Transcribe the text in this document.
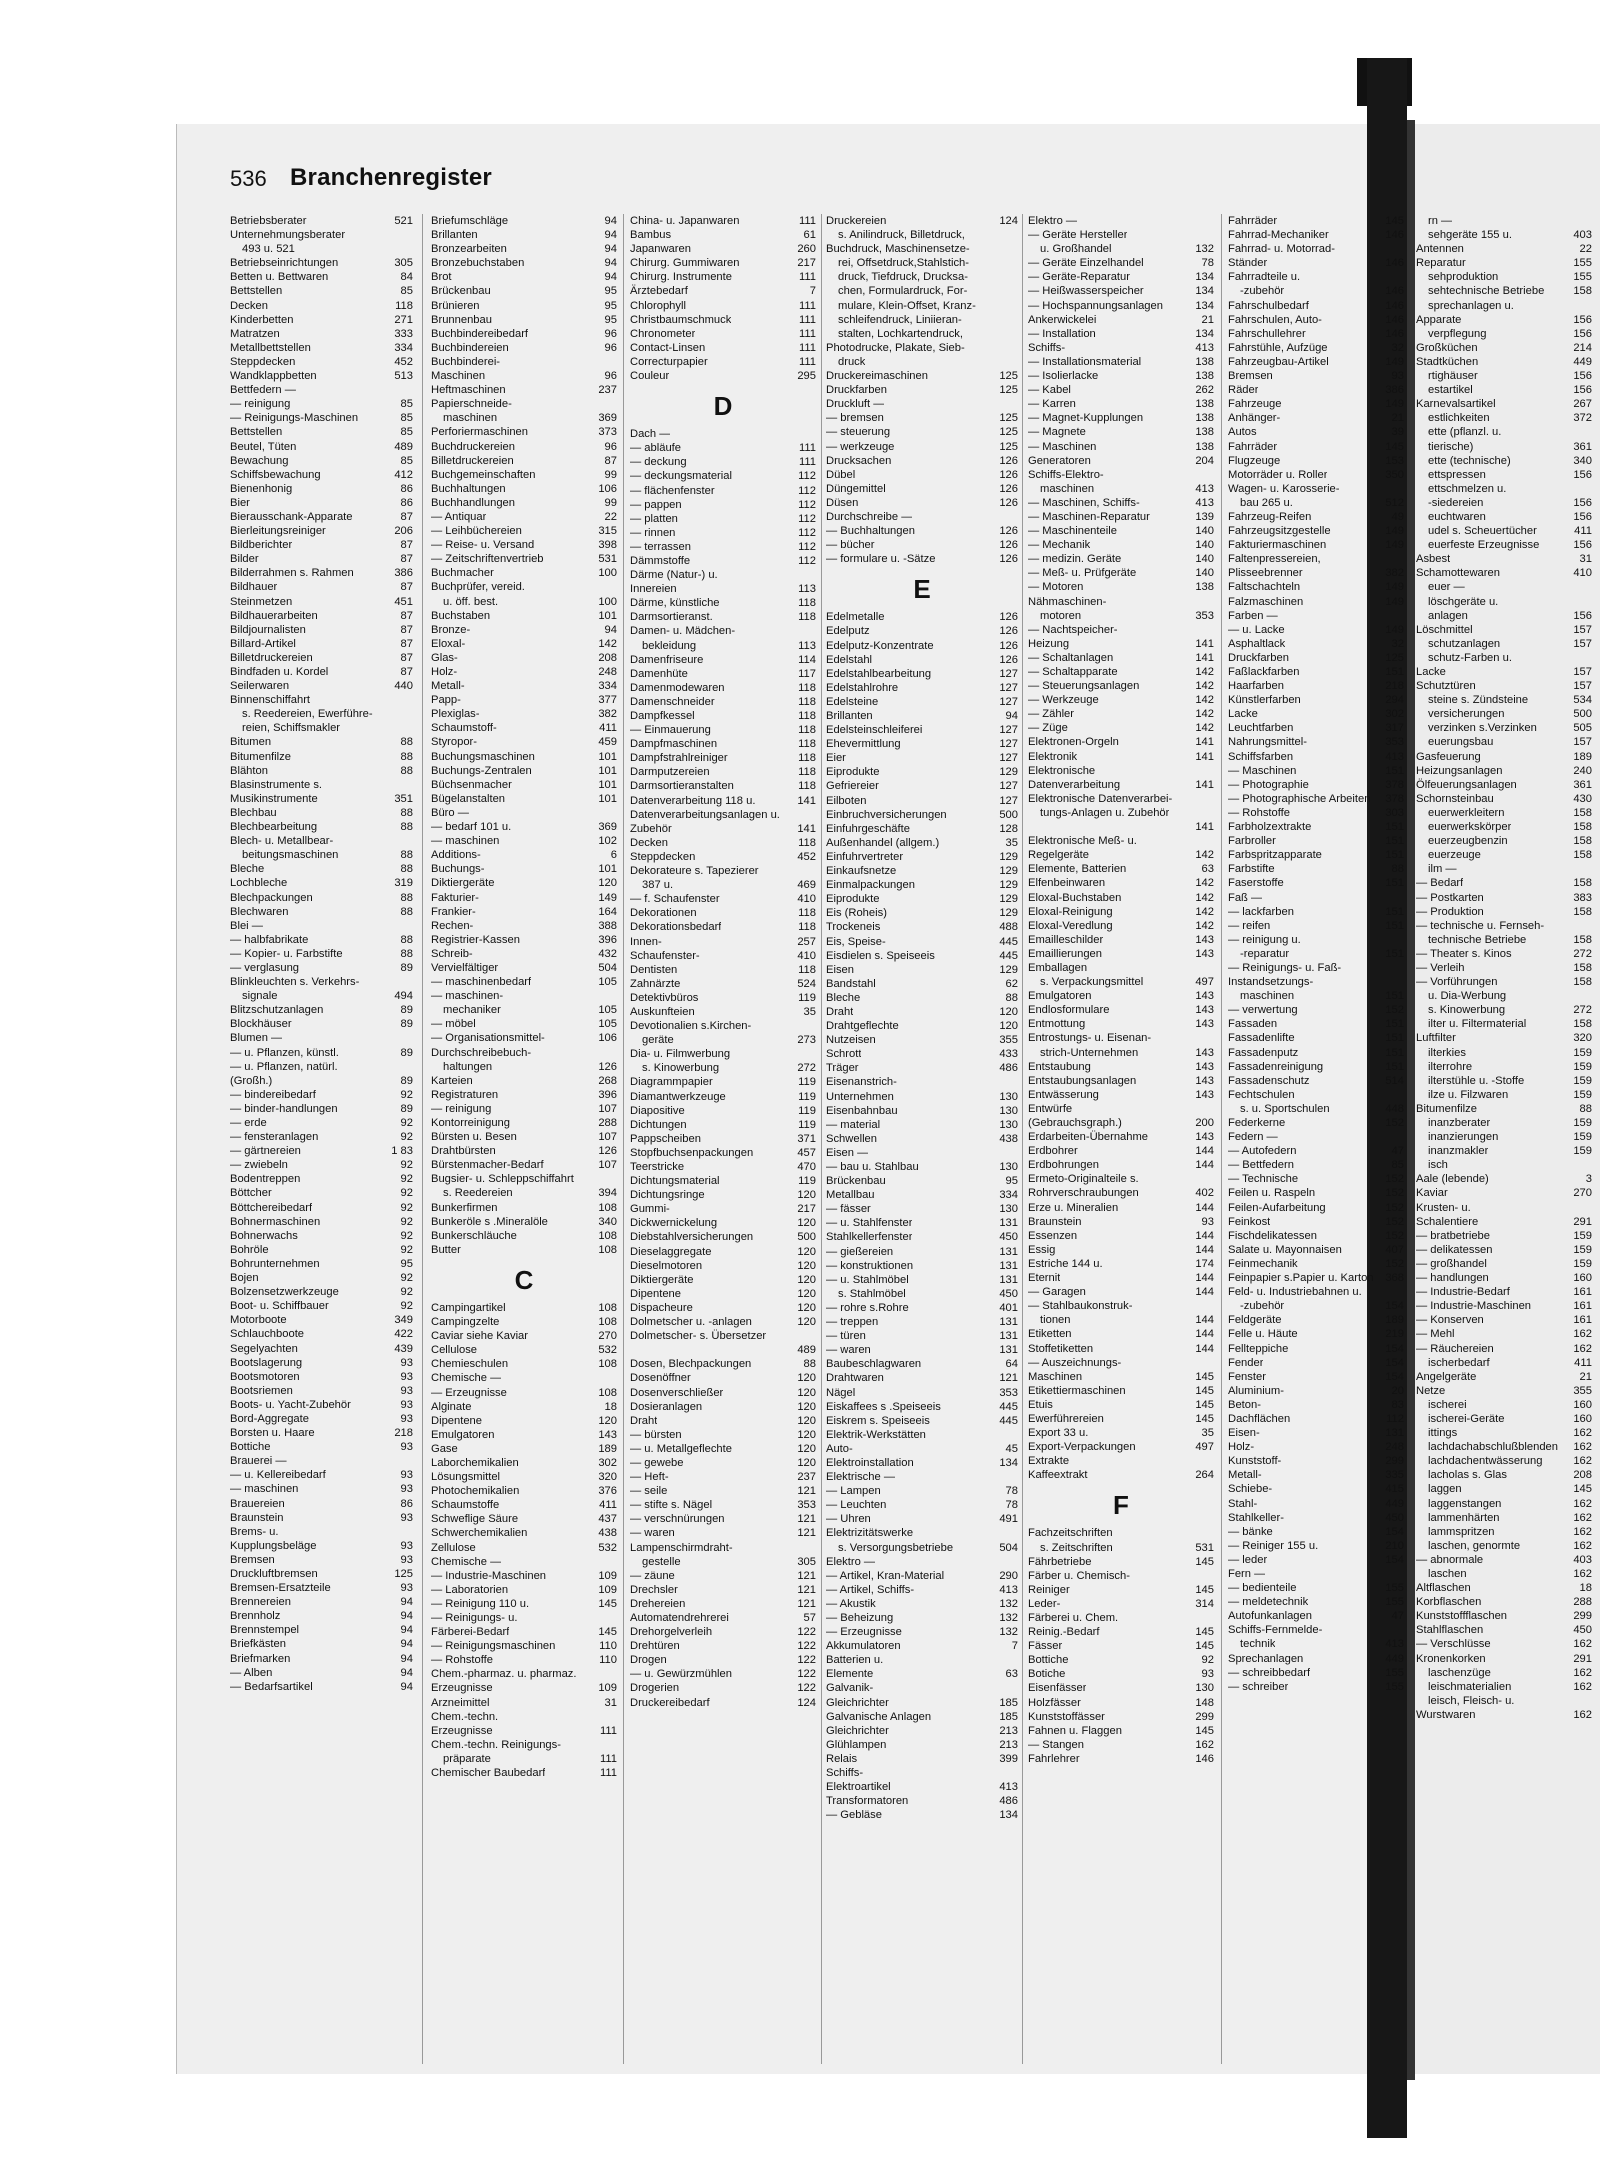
536 Branchenregister
Betriebsberater	521
Unternehmungsberater
493 u. 521
Betriebseinrichtungen	305
Betten u. Bettwaren	84
Bettstellen	85
Decken	118
Kinderbetten	271
Matratzen	333
Metallbettstellen	334
Steppdecken	452
Wandklappbetten	513
Bettfedern —
— reinigung	85
— Reinigungs-Maschinen	85
Bettstellen	85
Beutel, Tüten	489
Bewachung	85
Schiffsbewachung	412
Bienenhonig	86
Bier	86
Bierausschank-Apparate	87
Bierleitungsreiniger	206
Bildberichter	87
Bilder	87
Bilderrahmen s. Rahmen	386
Bildhauer	87
Steinmetzen	451
Bildhauerarbeiten	87
Bildjournalisten	87
Billard-Artikel	87
Billetdruckereien	87
Bindfaden u. Kordel	87
Seilerwaren	440
Binnenschiffahrt
s. Reedereien, Ewerführe-
reien, Schiffsmakler
Bitumen	88
Bitumenfilze	88
Blähton	88
Blasinstrumente s.
Musikinstrumente	351
Blechbau	88
Blechbearbeitung	88
Blech- u. Metallbear-
beitungsmaschinen	88
Bleche	88
Lochbleche	319
Blechpackungen	88
Blechwaren	88
Blei —
— halbfabrikate	88
— Kopier- u. Farbstifte	88
— verglasung	89
Blinkleuchten s. Verkehrs-
signale	494
Blitzschutzanlagen	89
Blockhäuser	89
Blumen —
— u. Pflanzen, künstl.	89
— u. Pflanzen, natürl.
(Großh.)	89
— bindereibedarf	92
— binder-handlungen	89
— erde	92
— fensteranlagen	92
— gärtnereien	1 83
— zwiebeln	92
Bodentreppen	92
Böttcher	92
Böttchereibedarf	92
Bohnermaschinen	92
Bohnerwachs	92
Bohröle	92
Bohrunternehmen	95
Bojen	92
Bolzensetzwerkzeuge	92
Boot- u. Schiffbauer	92
Motorboote	349
Schlauchboote	422
Segelyachten	439
Bootslagerung	93
Bootsmotoren	93
Bootsriemen	93
Boots- u. Yacht-Zubehör	93
Bord-Aggregate	93
Borsten u. Haare	218
Bottiche	93
Brauerei —
— u. Kellereibedarf	93
— maschinen	93
Brauereien	86
Braunstein	93
Brems- u.
Kupplungsbeläge	93
Bremsen	93
Druckluftbremsen	125
Bremsen-Ersatzteile	93
Brennereien	94
Brennholz	94
Brennstempel	94
Briefkästen	94
Briefmarken	94
— Alben	94
— Bedarfsartikel	94
Briefumschläge	94
Brillanten	94
Bronzearbeiten	94
Bronzebuchstaben	94
Brot	94
Brückenbau	95
Brünieren	95
Brunnenbau	95
Buchbindereibedarf	96
Buchbindereien	96
Buchbinderei-
Maschinen	96
Heftmaschinen	237
Papierschneide-
maschinen	369
Perforiermaschinen	373
Buchdruckereien	96
Billetdruckereien	87
Buchgemeinschaften	99
Buchhaltungen	106
Buchhandlungen	99
— Antiquar	22
— Leihbüchereien	315
— Reise- u. Versand	398
— Zeitschriftenvertrieb	531
Buchmacher	100
Buchprüfer, vereid.
u. öff. best.	100
Buchstaben	101
Bronze-	94
Eloxal-	142
Glas-	208
Holz-	248
Metall-	334
Papp-	377
Plexiglas-	382
Schaumstoff-	411
Styropor-	459
Buchungsmaschinen	101
Buchungs-Zentralen	101
Büchsenmacher	101
Bügelanstalten	101
Büro —
— bedarf 101 u.	369
— maschinen	102
Additions-	6
Buchungs-	101
Diktiergeräte	120
Fakturier-	149
Frankier-	164
Rechen-	388
Registrier-Kassen	396
Schreib-	432
Vervielfältiger	504
— maschinenbedarf	105
— maschinen-
mechaniker	105
— möbel	105
— Organisationsmittel-	106
Durchschreibebuch-
haltungen	126
Karteien	268
Registraturen	396
— reinigung	107
Kontorreinigung	288
Bürsten u. Besen	107
Drahtbürsten	126
Bürstenmacher-Bedarf	107
Bugsier- u. Schleppschiffahrt
s. Reedereien	394
Bunkerfirmen	108
Bunkeröle s .Mineralöle	340
Bunkerschläuche	108
Butter	108
C
Campingartikel	108
Campingzelte	108
Caviar siehe Kaviar	270
Cellulose	532
Chemieschulen	108
Chemische —
— Erzeugnisse	108
Alginate	18
Dipentene	120
Emulgatoren	143
Gase	189
Laborchemikalien	302
Lösungsmittel	320
Photochemikalien	376
Schaumstoffe	411
Schweflige Säure	437
Schwerchemikalien	438
Zellulose	532
Chemische —
— Industrie-Maschinen	109
— Laboratorien	109
— Reinigung 110 u.	145
— Reinigungs- u.
Färberei-Bedarf	145
— Reinigungsmaschinen	110
— Rohstoffe	110
Chem.-pharmaz. u. pharmaz.
Erzeugnisse	109
Arzneimittel	31
Chem.-techn.
Erzeugnisse	111
Chem.-techn. Reinigungs-
präparate	111
Chemischer Baubedarf	111
China- u. Japanwaren	111
Bambus	61
Japanwaren	260
Chirurg. Gummiwaren	217
Chirurg. Instrumente	111
Ärztebedarf	7
Chlorophyll	111
Christbaumschmuck	111
Chronometer	111
Contact-Linsen	111
Correcturpapier	111
Couleur	295
D
Dach —
— abläufe	111
— deckung	111
— deckungsmaterial	112
— flächenfenster	112
— pappen	112
— platten	112
— rinnen	112
— terrassen	112
Dämmstoffe	112
Därme (Natur-) u.
Innereien	113
Därme, künstliche	118
Darmsortieranst.	118
Damen- u. Mädchen-
bekleidung	113
Damenfriseure	114
Damenhüte	117
Damenmodewaren	118
Damenschneider	118
Dampfkessel	118
— Einmauerung	118
Dampfmaschinen	118
Dampfstrahlreiniger	118
Darmputzereien	118
Darmsortieranstalten	118
Datenverarbeitung 118 u.	141
Datenverarbeitungsanlagen u.
Zubehör	141
Decken	118
Steppdecken	452
Dekorateure s. Tapezierer
387 u.	469
— f. Schaufenster	410
Dekorationen	118
Dekorationsbedarf	118
Innen-	257
Schaufenster-	410
Dentisten	118
Zahnärzte	524
Detektivbüros	119
Auskunfteien	35
Devotionalien s.Kirchen-
geräte	273
Dia- u. Filmwerbung
s. Kinowerbung	272
Diagrammpapier	119
Diamantwerkzeuge	119
Diapositive	119
Dichtungen	119
Pappscheiben	371
Stopfbuchsenpackungen	457
Teerstricke	470
Dichtungsmaterial	119
Dichtungsringe	120
Gummi-	217
Dickwernickelung	120
Diebstahlversicherungen	500
Dieselaggregate	120
Dieselmotoren	120
Diktiergeräte	120
Dipentene	120
Dispacheure	120
Dolmetscher u. -anlagen	120
Dolmetscher- s. Übersetzer
489
Dosen, Blechpackungen	88
Dosenöffner	120
Dosenverschließer	120
Dosieranlagen	120
Draht	120
— bürsten	120
— u. Metallgeflechte	120
— gewebe	120
— Heft-	237
— seile	121
— stifte s. Nägel	353
— verschnürungen	121
— waren	121
Lampenschirmdraht-
gestelle	305
— zäune	121
Drechsler	121
Drehereien	121
Automatendrehrerei	57
Drehorgelverleih	122
Drehtüren	122
Drogen	122
— u. Gewürzmühlen	122
Drogerien	122
Druckereibedarf	124
Druckereien	124
s. Anilindruck, Billetdruck,
Buchdruck, Maschinensetze-
rei, Offsetdruck,Stahlstich-
druck, Tiefdruck, Drucksa-
chen, Formulardruck, For-
mulare, Klein-Offset, Kranz-
schleifendruck, Liniieran-
stalten, Lochkartendruck,
Photodrucke, Plakate, Sieb-
druck
Druckereimaschinen	125
Druckfarben	125
Druckluft —
— bremsen	125
— steuerung	125
— werkzeuge	125
Drucksachen	126
Dübel	126
Düngemittel	126
Düsen	126
Durchschreibe —
— Buchhaltungen	126
— bücher	126
— formulare u. -Sätze	126
E
Edelmetalle	126
Edelputz	126
Edelputz-Konzentrate	126
Edelstahl	126
Edelstahlbearbeitung	127
Edelstahlrohre	127
Edelsteine	127
Brillanten	94
Edelsteinschleiferei	127
Ehevermittlung	127
Eier	127
Eiprodukte	129
Gefriereier	127
Eilboten	127
Einbruchversicherungen	500
Einfuhrgeschäfte	128
Außenhandel (allgem.)	35
Einfuhrvertreter	129
Einkaufsnetze	129
Einmalpackungen	129
Eiprodukte	129
Eis (Roheis)	129
Trockeneis	488
Eis, Speise-	445
Eisdielen s. Speiseeis	445
Eisen	129
Bandstahl	62
Bleche	88
Draht	120
Drahtgeflechte	120
Nutzeisen	355
Schrott	433
Träger	486
Eisenanstrich-
Unternehmen	130
Eisenbahnbau	130
— material	130
Schwellen	438
Eisen —
— bau u. Stahlbau	130
Brückenbau	95
Metallbau	334
— fässer	130
— u. Stahlfenster	131
Stahlkellerfenster	450
— gießereien	131
— konstruktionen	131
— u. Stahlmöbel	131
s. Stahlmöbel	450
— rohre s.Rohre	401
— treppen	131
— türen	131
— waren	131
Baubeschlagwaren	64
Drahtwaren	121
Nägel	353
Eiskaffees s .Speiseeis	445
Eiskrem s. Speiseeis	445
Elektrik-Werkstätten
Auto-	45
Elektroinstallation	134
Elektrische —
— Lampen	78
— Leuchten	78
— Uhren	491
Elektrizitätswerke
s. Versorgungsbetriebe	504
Elektro —
— Artikel, Kran-Material	290
— Artikel, Schiffs-	413
— Akustik	132
— Beheizung	132
— Erzeugnisse	132
Akkumulatoren	7
Batterien u.
Elemente	63
Galvanik-
Gleichrichter	185
Galvanische Anlagen	185
Gleichrichter	213
Glühlampen	213
Relais	399
Schiffs-
Elektroartikel	413
Transformatoren	486
— Gebläse	134
Elektro —
— Geräte Hersteller
u. Großhandel	132
— Geräte Einzelhandel	78
— Geräte-Reparatur	134
— Heißwasserspeicher	134
— Hochspannungsanlagen	134
Ankerwickelei	21
— Installation	134
Schiffs-	413
— Installationsmaterial	138
— Isolierlacke	138
— Kabel	262
— Karren	138
— Magnet-Kupplungen	138
— Magnete	138
— Maschinen	138
Generatoren	204
Schiffs-Elektro-
maschinen	413
— Maschinen, Schiffs-	413
— Maschinen-Reparatur	139
— Maschinenteile	140
— Mechanik	140
— medizin. Geräte	140
— Meß- u. Prüfgeräte	140
— Motoren	138
Nähmaschinen-
motoren	353
— Nachtspeicher-
Heizung	141
— Schaltanlagen	141
— Schaltapparate	142
— Steuerungsanlagen	142
— Werkzeuge	142
— Zähler	142
— Züge	142
Elektronen-Orgeln	141
Elektronik	141
Elektronische
Datenverarbeitung	141
Elektronische Datenverarbei-
tungs-Anlagen u. Zubehör
141
Elektronische Meß- u.
Regelgeräte	142
Elemente, Batterien	63
Elfenbeinwaren	142
Eloxal-Buchstaben	142
Eloxal-Reinigung	142
Eloxal-Veredlung	142
Emailleschilder	143
Emaillierungen	143
Emballagen
s. Verpackungsmittel	497
Emulgatoren	143
Endlosformulare	143
Entmottung	143
Entrostungs- u. Eisenan-
strich-Unternehmen	143
Entstaubung	143
Entstaubungsanlagen	143
Entwässerung	143
Entwürfe
(Gebrauchsgraph.)	200
Erdarbeiten-Übernahme	143
Erdbohrer	144
Erdbohrungen	144
Ermeto-Originalteile s.
Rohrverschraubungen	402
Erze u. Mineralien	144
Braunstein	93
Essenzen	144
Essig	144
Estriche 144 u.	174
Eternit	144
— Garagen	144
— Stahlbaukonstruk-
tionen	144
Etiketten	144
Stoffetiketten	144
— Auszeichnungs-
Maschinen	145
Etikettiermaschinen	145
Etuis	145
Ewerführereien	145
Export 33 u.	35
Export-Verpackungen	497
Extrakte
Kaffeextrakt	264
F
Fachzeitschriften
s. Zeitschriften	531
Fährbetriebe	145
Färber u. Chemisch-
Reiniger	145
Leder-	314
Färberei u. Chem.
Reinig.-Bedarf	145
Fässer	145
Bottiche	92
Botiche	93
Eisenfässer	130
Holzfässer	148
Kunststoffässer	299
Fahnen u. Flaggen	145
— Stangen	162
Fahrlehrer	146
Fahrräder	145
Fahrrad-Mechaniker	146
Fahrrad- u. Motorrad-
Ständer	146
Fahrradteile u.
-zubehör	146
Fahrschulbedarf	146
Fahrschulen, Auto-	146
Fahrschullehrer	146
Fahrstühle, Aufzüge	32
Fahrzeugbau-Artikel	149
Bremsen	93
Räder	386
Fahrzeuge	149
Anhänger-	21
Autos	39
Fahrräder	145
Flugzeuge	153
Motorräder u. Roller	350
Wagen- u. Karosserie-
bau 265 u.	512
Fahrzeug-Reifen	49
Fahrzeugsitzgestelle	149
Fakturiermaschinen	149
Faltenpressereien,
Plisseebrenner	382
Faltschachteln	149
Falzmaschinen	149
Farben —
— u. Lacke	149
Asphaltlack	32
Druckfarben	125
Faßlackfarben	151
Haarfarben	218
Künstlerfarben	294
Lacke	302
Leuchtfarben	317
Nahrungsmittel-	353
Schiffsfarben	413
— Maschinen	151
— Photographie	378
— Photographische Arbeiten	378
— Rohstoffe	303
Farbholzextrakte	151
Farbroller	151
Farbspritzapparate	151
Farbstifte	88
Faserstoffe	151
Faß —
— lackfarben	151
— reifen	151
— reinigung u.
-reparatur	151
— Reinigungs- u. Faß-
Instandsetzungs-
maschinen	151
— verwertung	152
Fassaden	151
Fassadenlifte	151
Fassadenputz	151
Fassadenreinigung	151
Fassadenschutz	514
Fechtschulen
s. u. Sportschulen	448
Federkerne	152
Federn —
— Autofedern	47
— Bettfedern	85
— Technische	152
Feilen u. Raspeln	152
Feilen-Aufarbeitung	152
Feinkost	152
Fischdelikatessen	152
Salate u. Mayonnaisen	407
Feinmechanik	152
Feinpapier s.Papier u. Karton	368
Feld- u. Industriebahnen u.
-zubehör	154
Feldgeräte	189
Felle u. Häute	219
Fellteppiche	154
Fender	154
Fenster	154
Aluminium-	20
Beton-	83
Dachflächen	112
Eisen-	131
Holz-	248
Kunststoff-	299
Metall-	335
Schiebe-	415
Stahl-	449
Stahlkeller-	450
— bänke	154
— Reiniger 155 u.	210
— leder	154
Fern —
— bedienteile	155
— meldetechnik	155
Autofunkanlagen	47
Schiffs-Fernmelde-
technik	413
Sprechanlagen	449
— schreibbedarf	155
— schreiber	155
rn —
sehgeräte 155 u.	403
Antennen	22
Reparatur	155
sehproduktion	155
sehtechnische Betriebe	158
sprechanlagen u.
Apparate	156
verpflegung	156
Großküchen	214
Stadtküchen	449
rtighäuser	156
estartikel	156
Karnevalsartikel	267
estlichkeiten	372
ette (pflanzl. u.
tierische)	361
ette (technische)	340
ettspressen	156
ettschmelzen u.
-siedereien	156
euchtwaren	156
udel s. Scheuertücher	411
euerfeste Erzeugnisse	156
Asbest	31
Schamottewaren	410
euer —
löschgeräte u.
anlagen	156
Löschmittel	157
schutzanlagen	157
schutz-Farben u.
Lacke	157
Schutztüren	157
steine s. Zündsteine	534
versicherungen	500
verzinken s.Verzinken	505
euerungsbau	157
Gasfeuerung	189
Heizungsanlagen	240
Ölfeuerungsanlagen	361
Schornsteinbau	430
euerwerkleitern	158
euerwerkskörper	158
euerzeugbenzin	158
euerzeuge	158
ilm —
— Bedarf	158
— Postkarten	383
— Produktion	158
— technische u. Fernseh-
technische Betriebe	158
— Theater s. Kinos	272
— Verleih	158
— Vorführungen	158
u. Dia-Werbung
s. Kinowerbung	272
ilter u. Filtermaterial	158
Luftfilter	320
ilterkies	159
ilterrohre	159
ilterstühle u. -Stoffe	159
ilze u. Filzwaren	159
Bitumenfilze	88
inanzberater	159
inanzierungen	159
inanzmakler	159
isch
Aale (lebende)	3
Kaviar	270
Krusten- u.
Schalentiere	291
— bratbetriebe	159
— delikatessen	159
— großhandel	159
— handlungen	160
— Industrie-Bedarf	161
— Industrie-Maschinen	161
— Konserven	161
— Mehl	162
— Räuchereien	162
ischerbedarf	411
Angelgeräte	21
Netze	355
ischerei	160
ischerei-Geräte	160
ittings	162
lachdachabschlußblenden	162
lachdachentwässerung	162
lacholas s. Glas	208
laggen	145
laggenstangen	162
lammenhärten	162
lammspritzen	162
laschen, genormte	162
— abnormale	403
laschen	162
Altflaschen	18
Korbflaschen	288
Kunststoffflaschen	299
Stahlflaschen	450
— Verschlüsse	162
Kronenkorken	291
laschenzüge	162
leischmaterialien	162
leisch, Fleisch- u.
Wurstwaren	162
